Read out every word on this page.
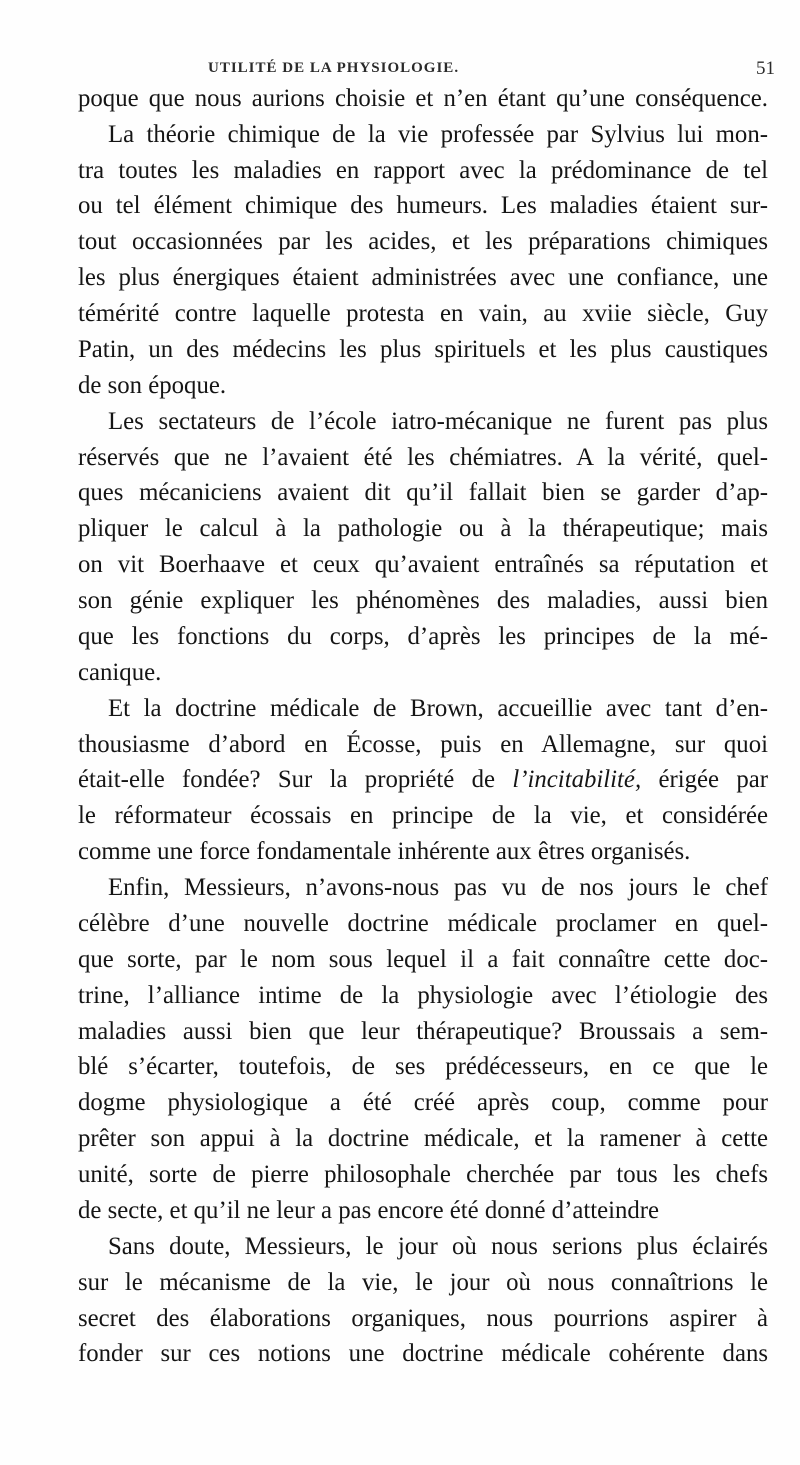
UTILITÉ DE LA PHYSIOLOGIE.	51
poque que nous aurions choisie et n’en étant qu’une conséquence.
La théorie chimique de la vie professée par Sylvius lui mon-
tra toutes les maladies en rapport avec la prédominance de tel
ou tel élément chimique des humeurs. Les maladies étaient sur-
tout occasionnées par les acides, et les préparations chimiques
les plus énergiques étaient administrées avec une confiance, une
témérité contre laquelle protesta en vain, au xviie siècle, Guy
Patin, un des médecins les plus spirituels et les plus caustiques
de son époque.
Les sectateurs de l’école iatro-mécanique ne furent pas plus
réservés que ne l’avaient été les chémiatres. A la vérité, quel-
ques mécaniciens avaient dit qu’il fallait bien se garder d’ap-
pliquer le calcul à la pathologie ou à la thérapeutique; mais
on vit Boerhaave et ceux qu’avaient entraînés sa réputation et
son génie expliquer les phénomènes des maladies, aussi bien
que les fonctions du corps, d’après les principes de la mé-
canique.
Et la doctrine médicale de Brown, accueillie avec tant d’en-
thousiasme d’abord en Écosse, puis en Allemagne, sur quoi
était-elle fondée? Sur la propriété de l’incitabilité, érigée par
le réformateur écossais en principe de la vie, et considérée
comme une force fondamentale inhérente aux êtres organisés.
Enfin, Messieurs, n’avons-nous pas vu de nos jours le chef
célèbre d’une nouvelle doctrine médicale proclamer en quel-
que sorte, par le nom sous lequel il a fait connaître cette doc-
trine, l’alliance intime de la physiologie avec l’étiologie des
maladies aussi bien que leur thérapeutique? Broussais a sem-
blé s’écarter, toutefois, de ses prédécesseurs, en ce que le
dogme physiologique a été créé après coup, comme pour
prêter son appui à la doctrine médicale, et la ramener à cette
unité, sorte de pierre philosophale cherchée par tous les chefs
de secte, et qu’il ne leur a pas encore été donné d’atteindre
Sans doute, Messieurs, le jour où nous serions plus éclairés
sur le mécanisme de la vie, le jour où nous connaîtrions le
secret des élaborations organiques, nous pourrions aspirer à
fonder sur ces notions une doctrine médicale cohérente dans
